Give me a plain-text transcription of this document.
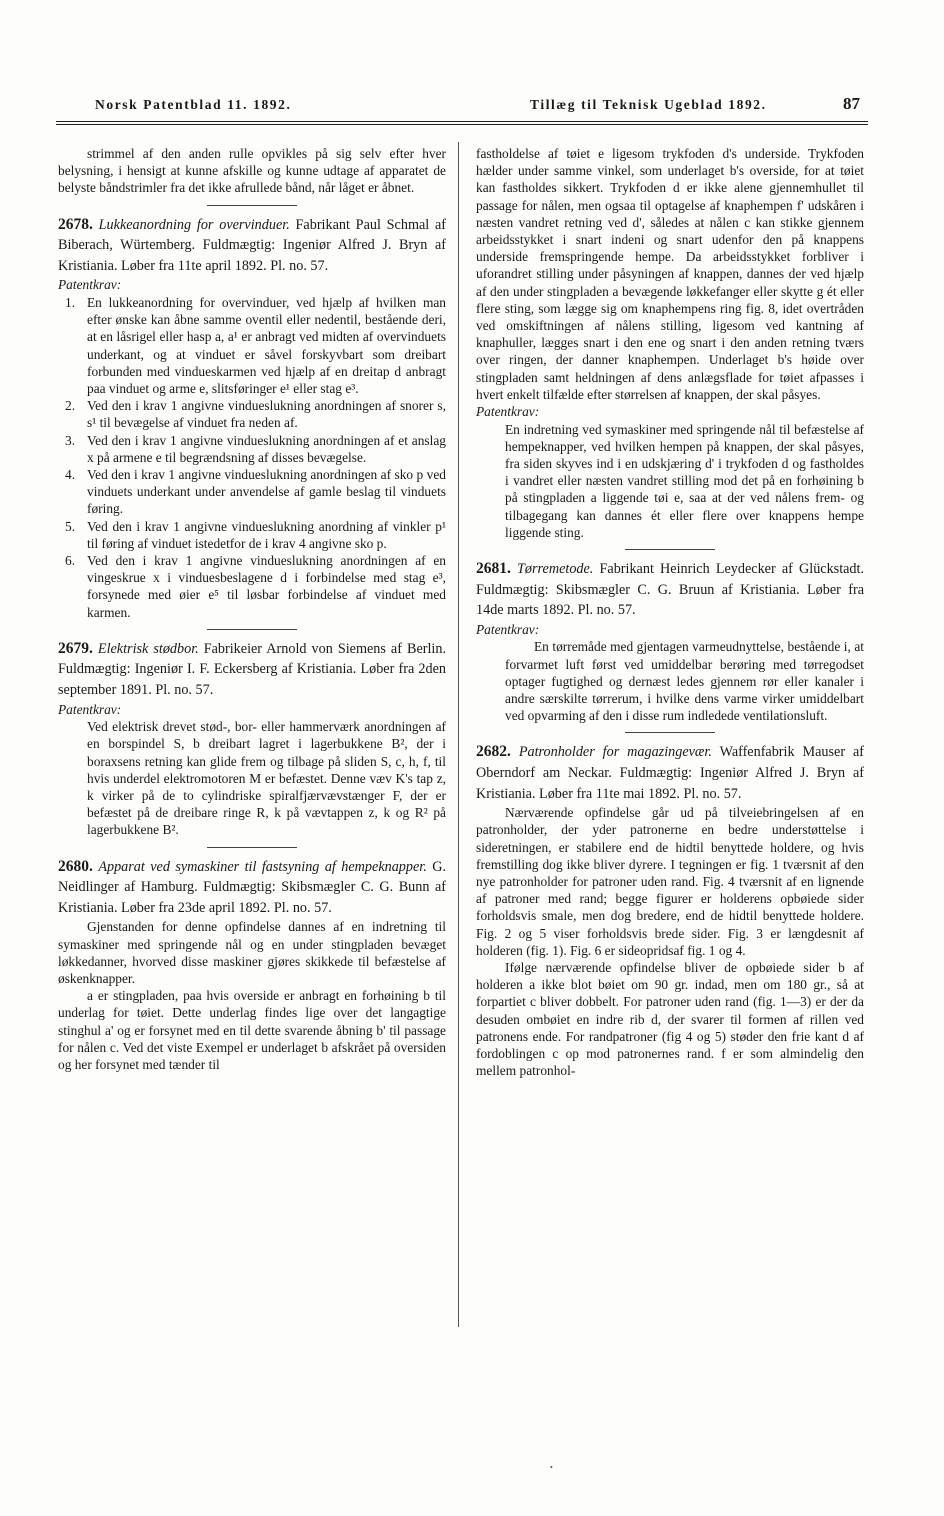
Norsk Patentblad 11. 1892.	Tillæg til Teknisk Ugeblad 1892.	87

strimmel af den anden rulle opvikles på sig selv efter hver belysning, i hensigt at kunne afskille og kunne udtage af apparatet de belyste båndstrimler fra det ikke afrullede bånd, når låget er åbnet.

2678. Lukkeanordning for overvinduer. Fabrikant Paul Schmal af Biberach, Würtemberg. Fuldmægtig: Ingeniør Alfred J. Bryn af Kristiania. Løber fra 11te april 1892. Pl. no. 57.

Patentkrav:

1. En lukkeanordning for overvinduer, ved hjælp af hvilken man efter ønske kan åbne samme oventil eller nedentil, bestående deri, at en låsrigel eller hasp a, a¹ er anbragt ved midten af overvinduets underkant, og at vinduet er såvel forskyvbart som dreibart forbunden med vindueskarmen ved hjælp af en dreitap d anbragt paa vinduet og arme e, slitsføringer e¹ eller stag e³.
2. Ved den i krav 1 angivne vindueslukning anordningen af snorer s, s¹ til bevægelse af vinduet fra neden af.
3. Ved den i krav 1 angivne vindueslukning anordningen af et anslag x på armene e til begrændsning af disses bevægelse.
4. Ved den i krav 1 angivne vindueslukning anordningen af sko p ved vinduets underkant under anvendelse af gamle beslag til vinduets føring.
5. Ved den i krav 1 angivne vindueslukning anordning af vinkler p¹ til føring af vinduet istedetfor de i krav 4 angivne sko p.
6. Ved den i krav 1 angivne vindueslukning anordningen af en vingeskrue x i vinduesbeslagene d i forbindelse med stag e³, forsynede med øier e⁵ til løsbar forbindelse af vinduet med karmen.

2679. Elektrisk stødbor. Fabrikeier Arnold von Siemens af Berlin. Fuldmægtig: Ingeniør I. F. Eckersberg af Kristiania. Løber fra 2den september 1891. Pl. no. 57.

Patentkrav:

Ved elektrisk drevet stød-, bor- eller hammerværk anordningen af en borspindel S, b dreibart lagret i lagerbukkene B², der i boraxsens retning kan glide frem og tilbage på sliden S, c, h, f, til hvis underdel elektromotoren M er befæstet. Denne væv K's tap z, k virker på de to cylindriske spiralfjærvævstænger F, der er befæstet på de dreibare ringe R, k på vævtappen z, k og R² på lagerbukkene B².

2680. Apparat ved symaskiner til fastsyning af hempeknapper. G. Neidlinger af Hamburg. Fuldmægtig: Skibsmægler C. G. Bunn af Kristiania. Løber fra 23de april 1892. Pl. no. 57.

Gjenstanden for denne opfindelse dannes af en indretning til symaskiner med springende nål og en under stingpladen bevæget løkkedanner, hvorved disse maskiner gjøres skikkede til befæstelse af øskenknapper.

a er stingpladen, paa hvis overside er anbragt en forhøining b til underlag for tøiet. Dette underlag findes lige over det langagtige stinghul a' og er forsynet med en til dette svarende åbning b' til passage for nålen c. Ved det viste Exempel er underlaget b afskrået på oversiden og her forsynet med tænder til

fastholdelse af tøiet e ligesom trykfoden d's underside. Trykfoden hælder under samme vinkel, som underlaget b's overside, for at tøiet kan fastholdes sikkert. Trykfoden d er ikke alene gjennemhullet til passage for nålen, men ogsaa til optagelse af knaphempen f' udskåren i næsten vandret retning ved d', således at nålen c kan stikke gjennem arbeidsstykket i snart indeni og snart udenfor den på knappens underside fremspringende hempe. Da arbeidsstykket forbliver i uforandret stilling under påsyningen af knappen, dannes der ved hjælp af den under stingpladen a bevægende løkkefanger eller skytte g ét eller flere sting, som lægge sig om knaphempens ring fig. 8, idet overtråden ved omskiftningen af nålens stilling, ligesom ved kantning af knaphuller, lægges snart i den ene og snart i den anden retning tværs over ringen, der danner knaphempen. Underlaget b's høide over stingpladen samt heldningen af dens anlægsflade for tøiet afpasses i hvert enkelt tilfælde efter størrelsen af knappen, der skal påsyes.

Patentkrav:

En indretning ved symaskiner med springende nål til befæstelse af hempeknapper, ved hvilken hempen på knappen, der skal påsyes, fra siden skyves ind i en udskjæring d' i trykfoden d og fastholdes i vandret eller næsten vandret stilling mod det på en forhøining b på stingpladen a liggende tøi e, saa at der ved nålens frem- og tilbagegang kan dannes ét eller flere over knappens hempe liggende sting.

2681. Tørremetode. Fabrikant Heinrich Leydecker af Glückstadt. Fuldmægtig: Skibsmægler C. G. Bruun af Kristiania. Løber fra 14de marts 1892. Pl. no. 57.

Patentkrav:

En tørremåde med gjentagen varmeudnyttelse, bestående i, at forvarmet luft først ved umiddelbar berøring med tørregodset optager fugtighed og dernæst ledes gjennem rør eller kanaler i andre særskilte tørrerum, i hvilke dens varme virker umiddelbart ved opvarming af den i disse rum indledede ventilationsluft.

2682. Patronholder for magazingevær. Waffenfabrik Mauser af Oberndorf am Neckar. Fuldmægtig: Ingeniør Alfred J. Bryn af Kristiania. Løber fra 11te mai 1892. Pl. no. 57.

Nærværende opfindelse går ud på tilveiebringelsen af en patronholder, der yder patronerne en bedre understøttelse i sideretningen, er stabilere end de hidtil benyttede holdere, og hvis fremstilling dog ikke bliver dyrere. I tegningen er fig. 1 tværsnit af den nye patronholder for patroner uden rand. Fig. 4 tværsnit af en lignende af patroner med rand; begge figurer er holderens opbøiede sider forholdsvis smale, men dog bredere, end de hidtil benyttede holdere. Fig. 2 og 5 viser forholdsvis brede sider. Fig. 3 er længdesnit af holderen (fig. 1). Fig. 6 er sideopridsaf fig. 1 og 4.

Ifølge nærværende opfindelse bliver de opbøiede sider b af holderen a ikke blot bøiet om 90 gr. indad, men om 180 gr., så at forpartiet c bliver dobbelt. For patroner uden rand (fig. 1—3) er der da desuden ombøiet en indre rib d, der svarer til formen af rillen ved patronens ende. For randpatroner (fig 4 og 5) støder den frie kant d af fordoblingen c op mod patronernes rand. f er som almindelig den mellem patronhol-

•
